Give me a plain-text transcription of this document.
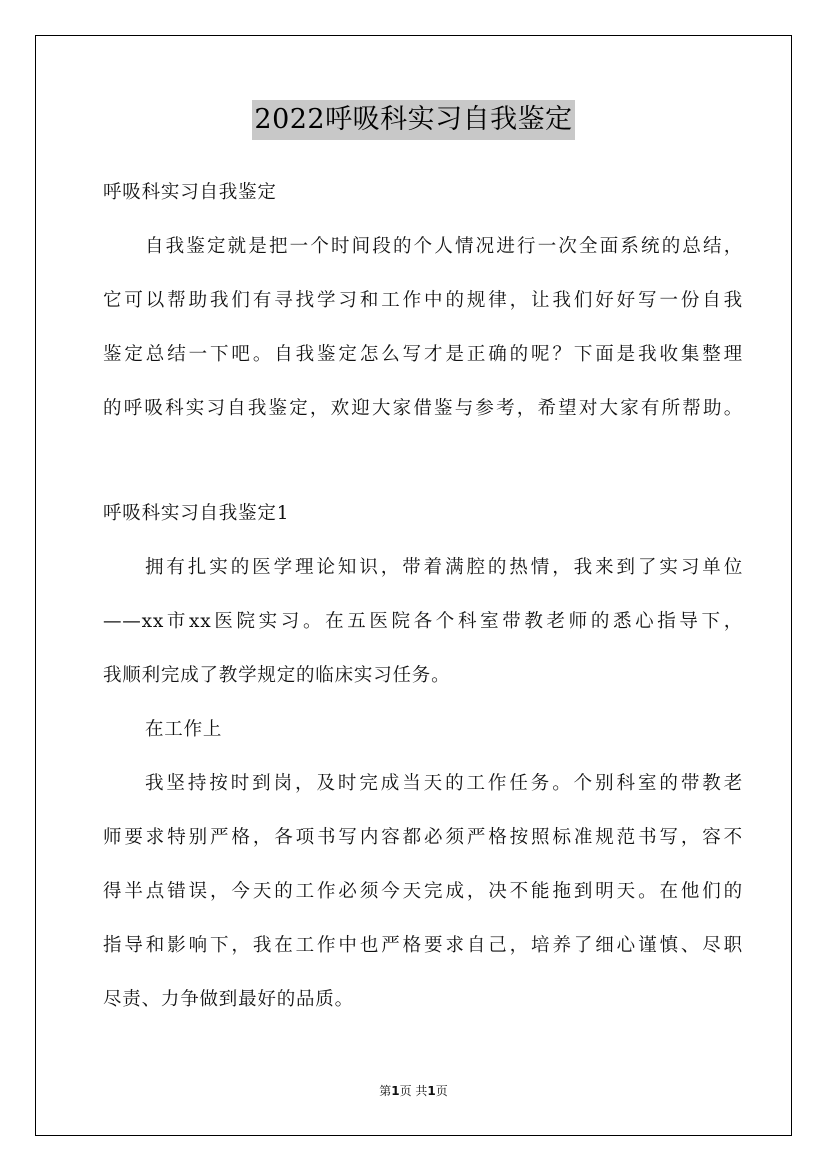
2022呼吸科实习自我鉴定
呼吸科实习自我鉴定
自我鉴定就是把一个时间段的个人情况进行一次全面系统的总结，
它可以帮助我们有寻找学习和工作中的规律，让我们好好写一份自我
鉴定总结一下吧。自我鉴定怎么写才是正确的呢？下面是我收集整理
的呼吸科实习自我鉴定，欢迎大家借鉴与参考，希望对大家有所帮助。
呼吸科实习自我鉴定1
拥有扎实的医学理论知识，带着满腔的热情，我来到了实习单位
——xx市xx医院实习。在五医院各个科室带教老师的悉心指导下，
我顺利完成了教学规定的临床实习任务。
在工作上
我坚持按时到岗，及时完成当天的工作任务。个别科室的带教老
师要求特别严格，各项书写内容都必须严格按照标准规范书写，容不
得半点错误，今天的工作必须今天完成，决不能拖到明天。在他们的
指导和影响下，我在工作中也严格要求自己，培养了细心谨慎、尽职
尽责、力争做到最好的品质。
第1页 共1页
